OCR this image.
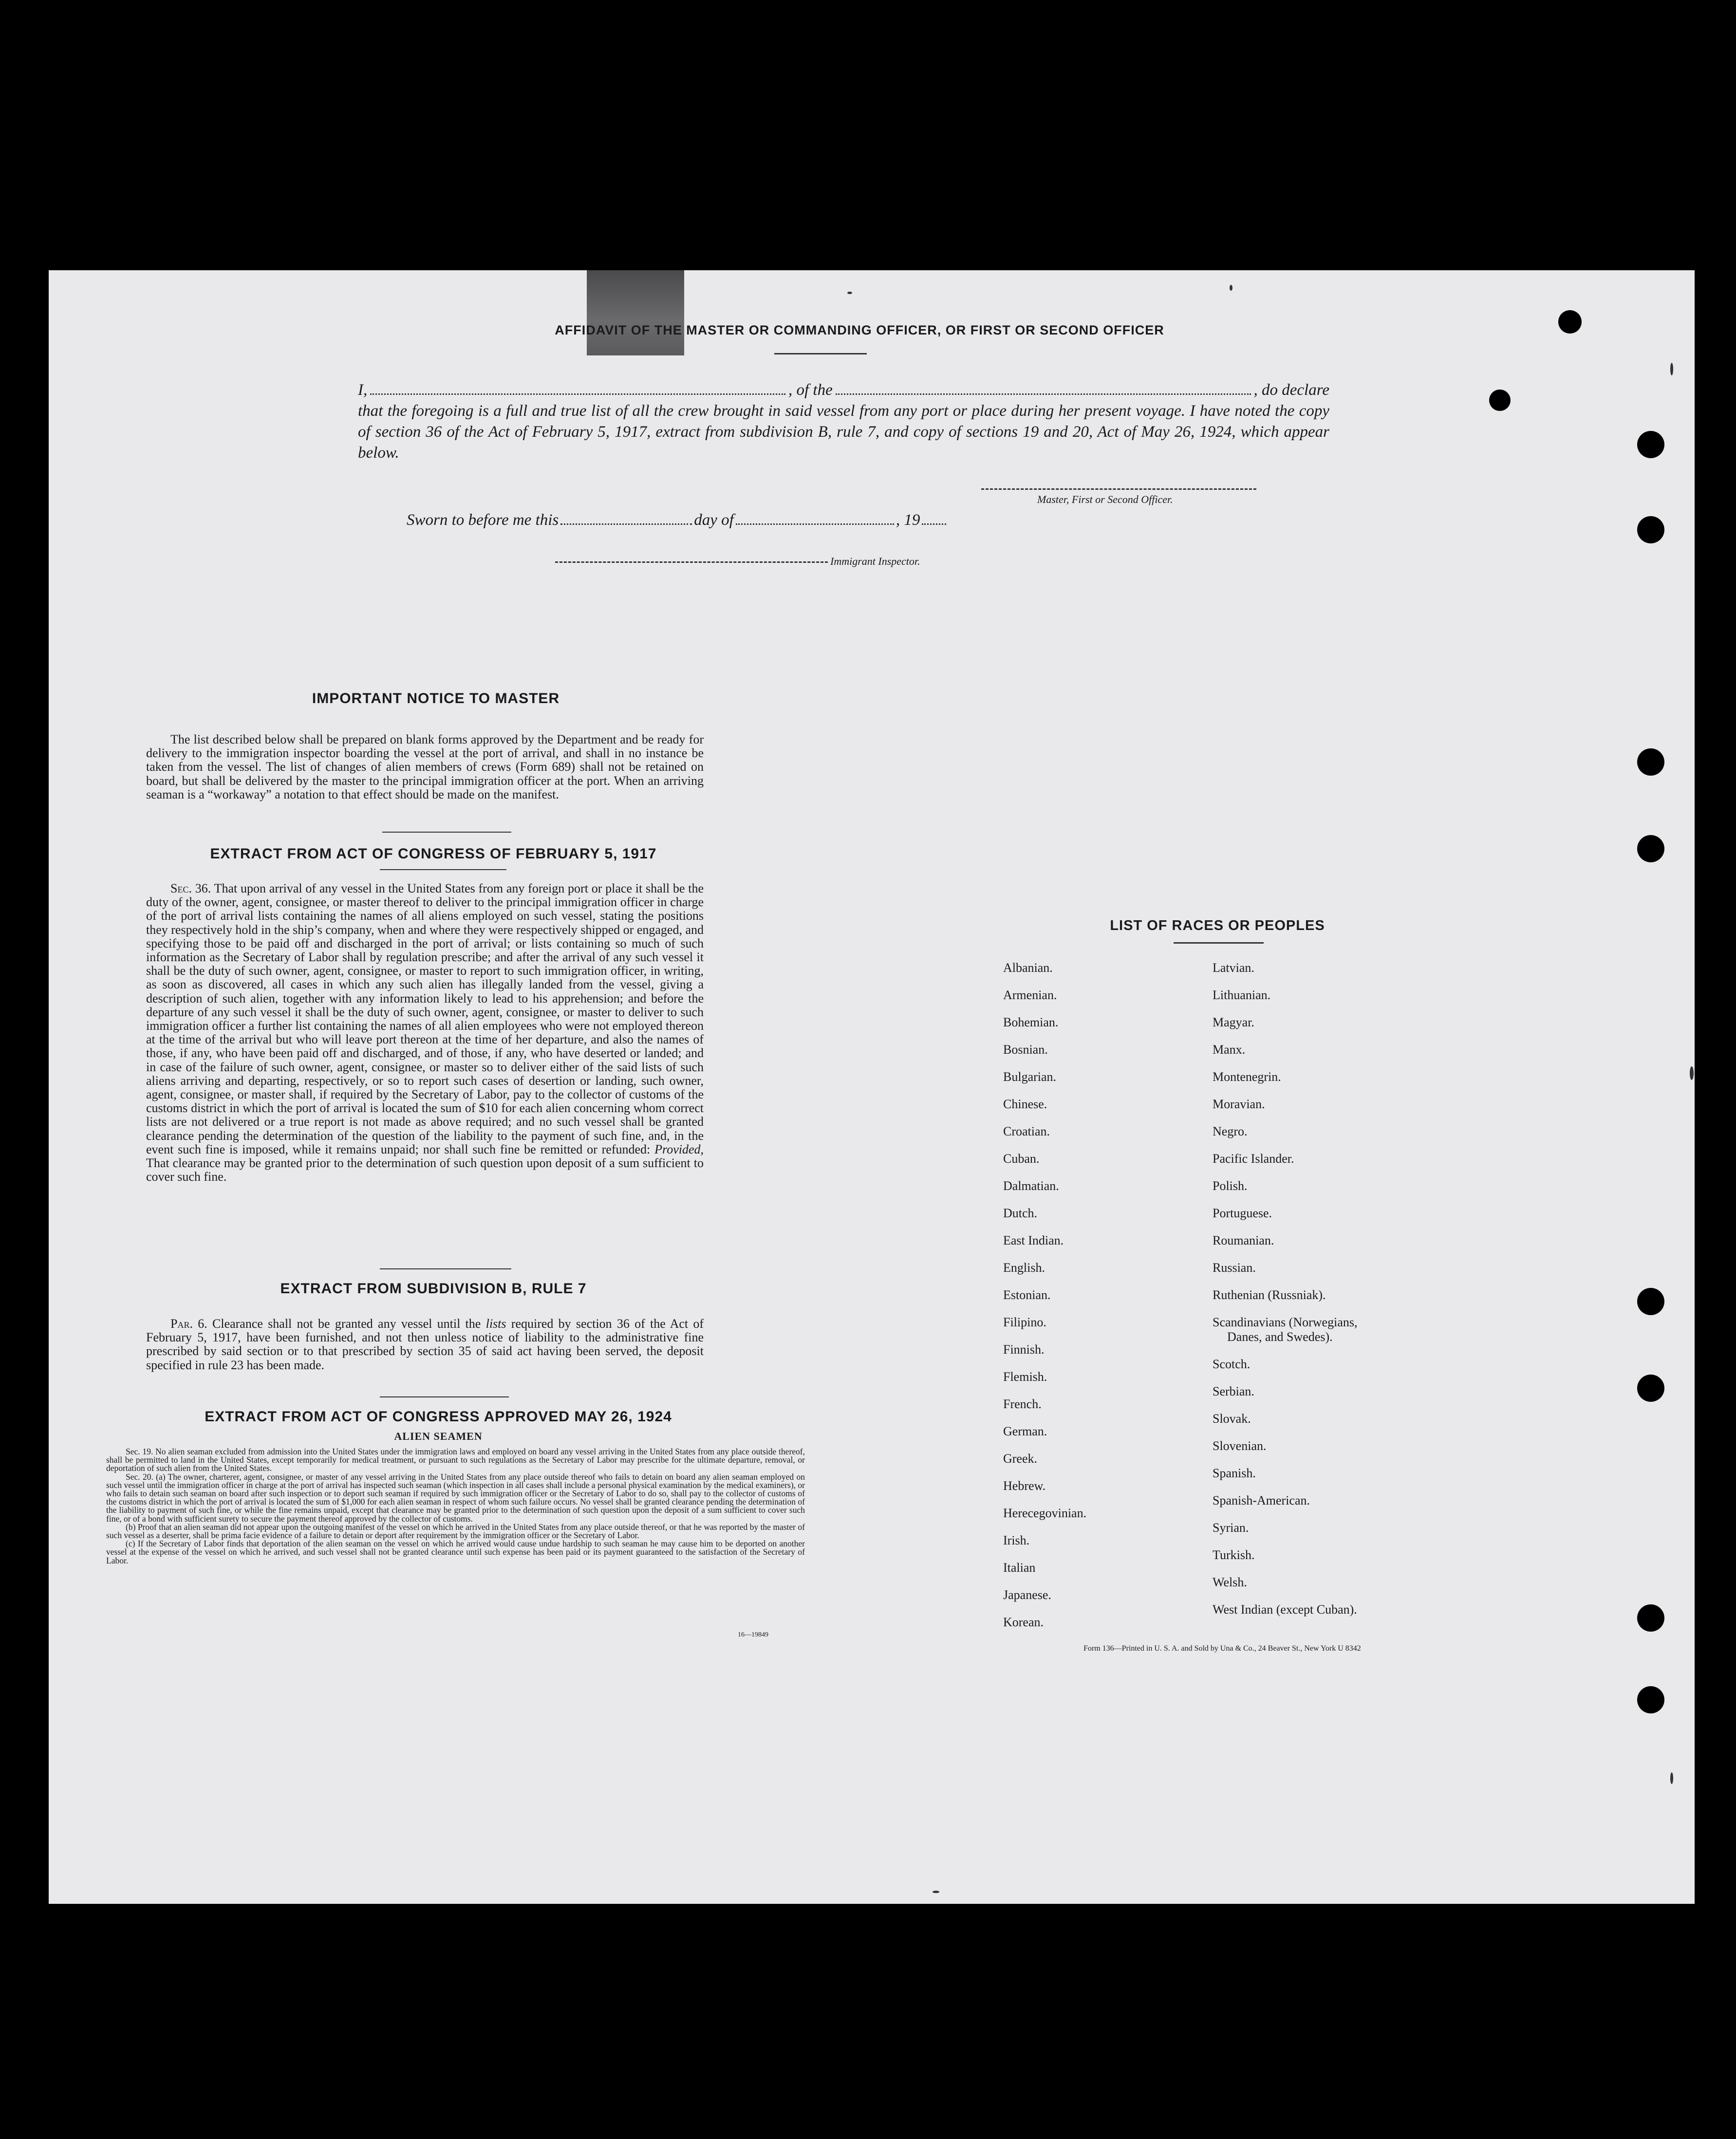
AFFIDAVIT OF THE MASTER OR COMMANDING OFFICER, OR FIRST OR SECOND OFFICER
I,	, of the	, do declare
that the foregoing is a full and true list of all the crew brought in said vessel from any port or place during her present voyage. I have noted the copy of section 36 of the Act of February 5, 1917, extract from subdivision B, rule 7, and copy of sections 19 and 20, Act of May 26, 1924, which appear below.
Master, First or Second Officer.
Sworn to before me this	day of	, 19
Immigrant Inspector.
IMPORTANT NOTICE TO MASTER

The list described below shall be prepared on blank forms approved by the Department and be ready for delivery to the immigration inspector boarding the vessel at the port of arrival, and shall in no instance be taken from the vessel. The list of changes of alien members of crews (Form 689) shall not be retained on board, but shall be delivered by the master to the principal immigration officer at the port. When an arriving seaman is a “workaway” a notation to that effect should be made on the manifest.

EXTRACT FROM ACT OF CONGRESS OF FEBRUARY 5, 1917

Sec. 36. That upon arrival of any vessel in the United States from any foreign port or place it shall be the duty of the owner, agent, consignee, or master thereof to deliver to the principal immigration officer in charge of the port of arrival lists containing the names of all aliens employed on such vessel, stating the positions they respectively hold in the ship’s company, when and where they were respectively shipped or engaged, and specifying those to be paid off and discharged in the port of arrival; or lists containing so much of such information as the Secretary of Labor shall by regulation prescribe; and after the arrival of any such vessel it shall be the duty of such owner, agent, consignee, or master to report to such immigration officer, in writing, as soon as discovered, all cases in which any such alien has illegally landed from the vessel, giving a description of such alien, together with any information likely to lead to his apprehension; and before the departure of any such vessel it shall be the duty of such owner, agent, consignee, or master to deliver to such immigration officer a further list containing the names of all alien employees who were not employed thereon at the time of the arrival but who will leave port thereon at the time of her departure, and also the names of those, if any, who have been paid off and discharged, and of those, if any, who have deserted or landed; and in case of the failure of such owner, agent, consignee, or master so to deliver either of the said lists of such aliens arriving and departing, respectively, or so to report such cases of desertion or landing, such owner, agent, consignee, or master shall, if required by the Secretary of Labor, pay to the collector of customs of the customs district in which the port of arrival is located the sum of $10 for each alien concerning whom correct lists are not delivered or a true report is not made as above required; and no such vessel shall be granted clearance pending the determination of the question of the liability to the payment of such fine, and, in the event such fine is imposed, while it remains unpaid; nor shall such fine be remitted or refunded: Provided, That clearance may be granted prior to the determination of such question upon deposit of a sum sufficient to cover such fine.

EXTRACT FROM SUBDIVISION B, RULE 7

Par. 6. Clearance shall not be granted any vessel until the lists required by section 36 of the Act of February 5, 1917, have been furnished, and not then unless notice of liability to the administrative fine prescribed by said section or to that prescribed by section 35 of said act having been served, the deposit specified in rule 23 has been made.

EXTRACT FROM ACT OF CONGRESS APPROVED MAY 26, 1924
ALIEN SEAMEN

Sec. 19. No alien seaman excluded from admission into the United States under the immigration laws and employed on board any vessel arriving in the United States from any place outside thereof, shall be permitted to land in the United States, except temporarily for medical treatment, or pursuant to such regulations as the Secretary of Labor may prescribe for the ultimate departure, removal, or deportation of such alien from the United States.

Sec. 20. (a) The owner, charterer, agent, consignee, or master of any vessel arriving in the United States from any place outside thereof who fails to detain on board any alien seaman employed on such vessel until the immigration officer in charge at the port of arrival has inspected such seaman (which inspection in all cases shall include a personal physical examination by the medical examiners), or who fails to detain such seaman on board after such inspection or to deport such seaman if required by such immigration officer or the Secretary of Labor to do so, shall pay to the collector of customs of the customs district in which the port of arrival is located the sum of $1,000 for each alien seaman in respect of whom such failure occurs. No vessel shall be granted clearance pending the determination of the liability to payment of such fine, or while the fine remains unpaid, except that clearance may be granted prior to the determination of such question upon the deposit of a sum sufficient to cover such fine, or of a bond with sufficient surety to secure the payment thereof approved by the collector of customs.

(b) Proof that an alien seaman did not appear upon the outgoing manifest of the vessel on which he arrived in the United States from any place outside thereof, or that he was reported by the master of such vessel as a deserter, shall be prima facie evidence of a failure to detain or deport after requirement by the immigration officer or the Secretary of Labor.

(c) If the Secretary of Labor finds that deportation of the alien seaman on the vessel on which he arrived would cause undue hardship to such seaman he may cause him to be deported on another vessel at the expense of the vessel on which he arrived, and such vessel shall not be granted clearance until such expense has been paid or its payment guaranteed to the satisfaction of the Secretary of Labor.

16—19849
LIST OF RACES OR PEOPLES
Albanian.
Armenian.
Bohemian.
Bosnian.
Bulgarian.
Chinese.
Croatian.
Cuban.
Dalmatian.
Dutch.
East Indian.
English.
Estonian.
Filipino.
Finnish.
Flemish.
French.
German.
Greek.
Hebrew.
Herecegovinian.
Irish.
Italian
Japanese.
Korean.
Latvian.
Lithuanian.
Magyar.
Manx.
Montenegrin.
Moravian.
Negro.
Pacific Islander.
Polish.
Portuguese.
Roumanian.
Russian.
Ruthenian (Russniak).
Scandinavians (Norwegians,
Danes, and Swedes).
Scotch.
Serbian.
Slovak.
Slovenian.
Spanish.
Spanish-American.
Syrian.
Turkish.
Welsh.
West Indian (except Cuban).
Form 136—Printed in U. S. A. and Sold by Una & Co., 24 Beaver St., New York U 8342
